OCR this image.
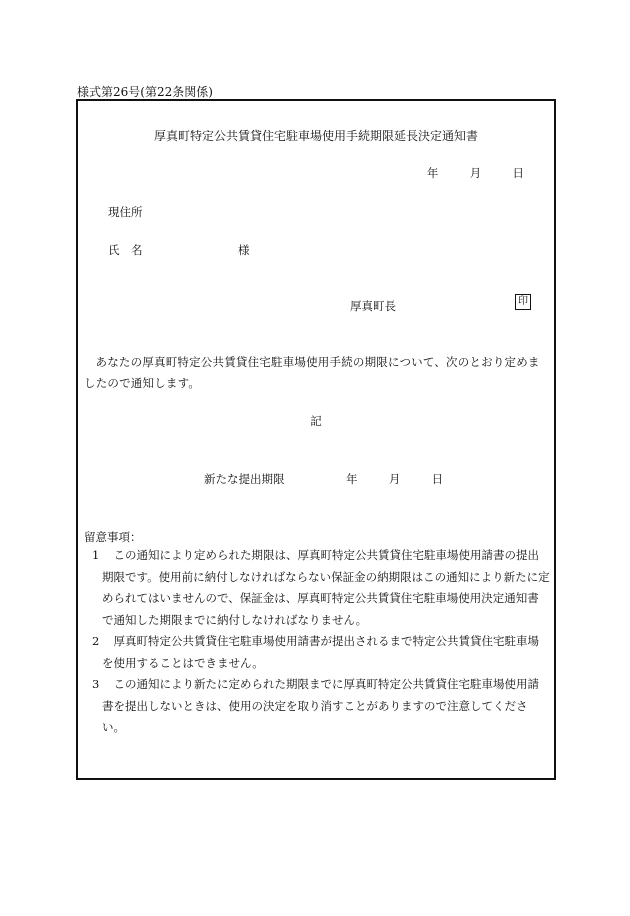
様式第26号(第22条関係)
厚真町特定公共賃貸住宅駐車場使用手続期限延長決定通知書
年	月	日
現住所
氏　名	様
厚真町長	印
あなたの厚真町特定公共賃貸住宅駐車場使用手続の期限について、次のとおり定めましたので通知します。
記
新たな提出期限	年	月	日
留意事項：
1	この通知により定められた期限は、厚真町特定公共賃貸住宅駐車場使用請書の提出期限です。使用前に納付しなければならない保証金の納期限はこの通知により新たに定められてはいませんので、保証金は、厚真町特定公共賃貸住宅駐車場使用決定通知書で通知した期限までに納付しなければなりません。
2	厚真町特定公共賃貸住宅駐車場使用請書が提出されるまで特定公共賃貸住宅駐車場を使用することはできません。
3	この通知により新たに定められた期限までに厚真町特定公共賃貸住宅駐車場使用請書を提出しないときは、使用の決定を取り消すことがありますので注意してください。
